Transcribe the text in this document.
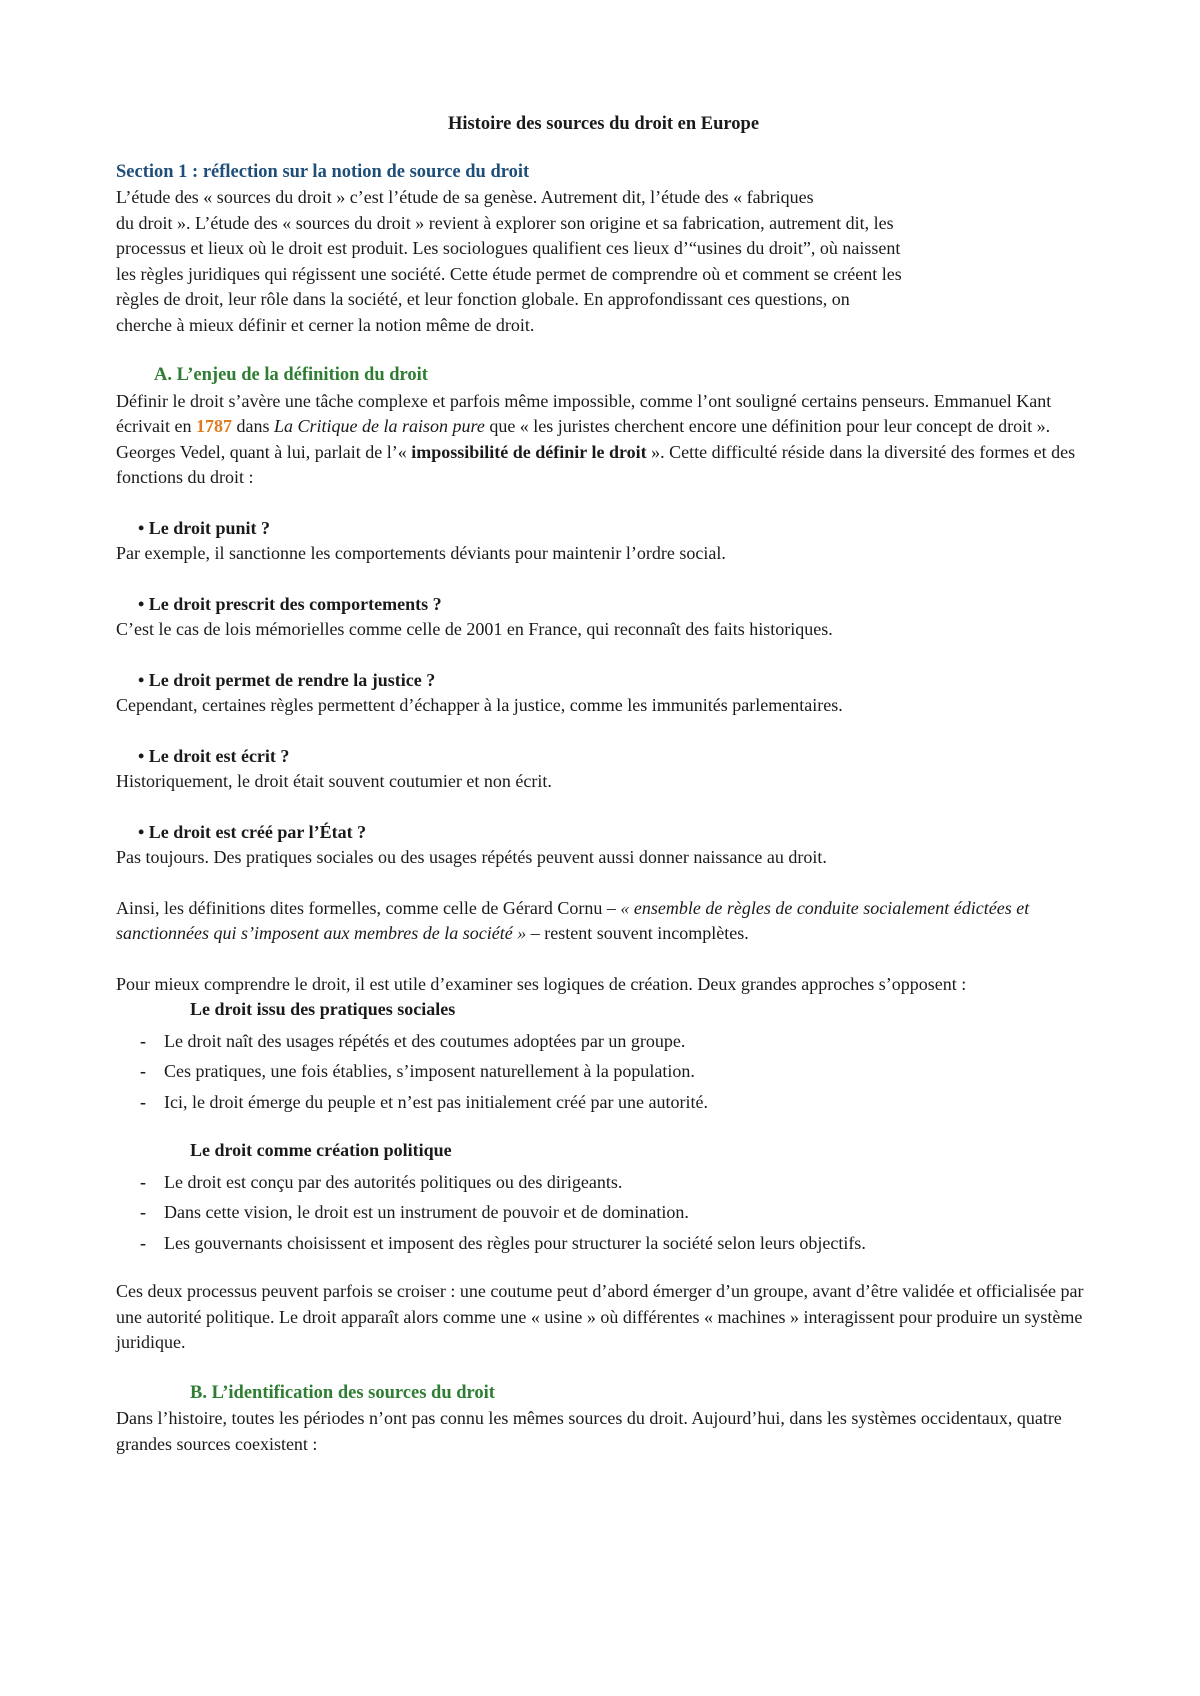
Histoire des sources du droit en Europe

Section 1 : réflection sur la notion de source du droit

L’étude des « sources du droit » c’est l’étude de sa genèse. Autrement dit, l’étude des « fabriques
du droit ». L’étude des « sources du droit » revient à explorer son origine et sa fabrication, autrement dit, les
processus et lieux où le droit est produit. Les sociologues qualifient ces lieux d’“usines du droit”, où naissent
les règles juridiques qui régissent une société. Cette étude permet de comprendre où et comment se créent les
règles de droit, leur rôle dans la société, et leur fonction globale. En approfondissant ces questions, on
cherche à mieux définir et cerner la notion même de droit.

A. L’enjeu de la définition du droit

Définir le droit s’avère une tâche complexe et parfois même impossible, comme l’ont souligné certains penseurs. Emmanuel Kant écrivait en 1787 dans La Critique de la raison pure que « les juristes cherchent encore une définition pour leur concept de droit ». Georges Vedel, quant à lui, parlait de l’« impossibilité de définir le droit ». Cette difficulté réside dans la diversité des formes et des fonctions du droit :

• Le droit punit ?

Par exemple, il sanctionne les comportements déviants pour maintenir l’ordre social.

• Le droit prescrit des comportements ?

C’est le cas de lois mémorielles comme celle de 2001 en France, qui reconnaît des faits historiques.

• Le droit permet de rendre la justice ?

Cependant, certaines règles permettent d’échapper à la justice, comme les immunités parlementaires.

• Le droit est écrit ?

Historiquement, le droit était souvent coutumier et non écrit.

• Le droit est créé par l’État ?

Pas toujours. Des pratiques sociales ou des usages répétés peuvent aussi donner naissance au droit.

Ainsi, les définitions dites formelles, comme celle de Gérard Cornu – « ensemble de règles de conduite socialement édictées et sanctionnées qui s’imposent aux membres de la société » – restent souvent incomplètes.

Pour mieux comprendre le droit, il est utile d’examiner ses logiques de création. Deux grandes approches s’opposent :

Le droit issu des pratiques sociales

- Le droit naît des usages répétés et des coutumes adoptées par un groupe.
- Ces pratiques, une fois établies, s’imposent naturellement à la population.
- Ici, le droit émerge du peuple et n’est pas initialement créé par une autorité.

Le droit comme création politique

- Le droit est conçu par des autorités politiques ou des dirigeants.
- Dans cette vision, le droit est un instrument de pouvoir et de domination.
- Les gouvernants choisissent et imposent des règles pour structurer la société selon leurs objectifs.

Ces deux processus peuvent parfois se croiser : une coutume peut d’abord émerger d’un groupe, avant d’être validée et officialisée par une autorité politique. Le droit apparaît alors comme une « usine » où différentes « machines » interagissent pour produire un système juridique.

B. L’identification des sources du droit

Dans l’histoire, toutes les périodes n’ont pas connu les mêmes sources du droit. Aujourd’hui, dans les systèmes occidentaux, quatre grandes sources coexistent :
